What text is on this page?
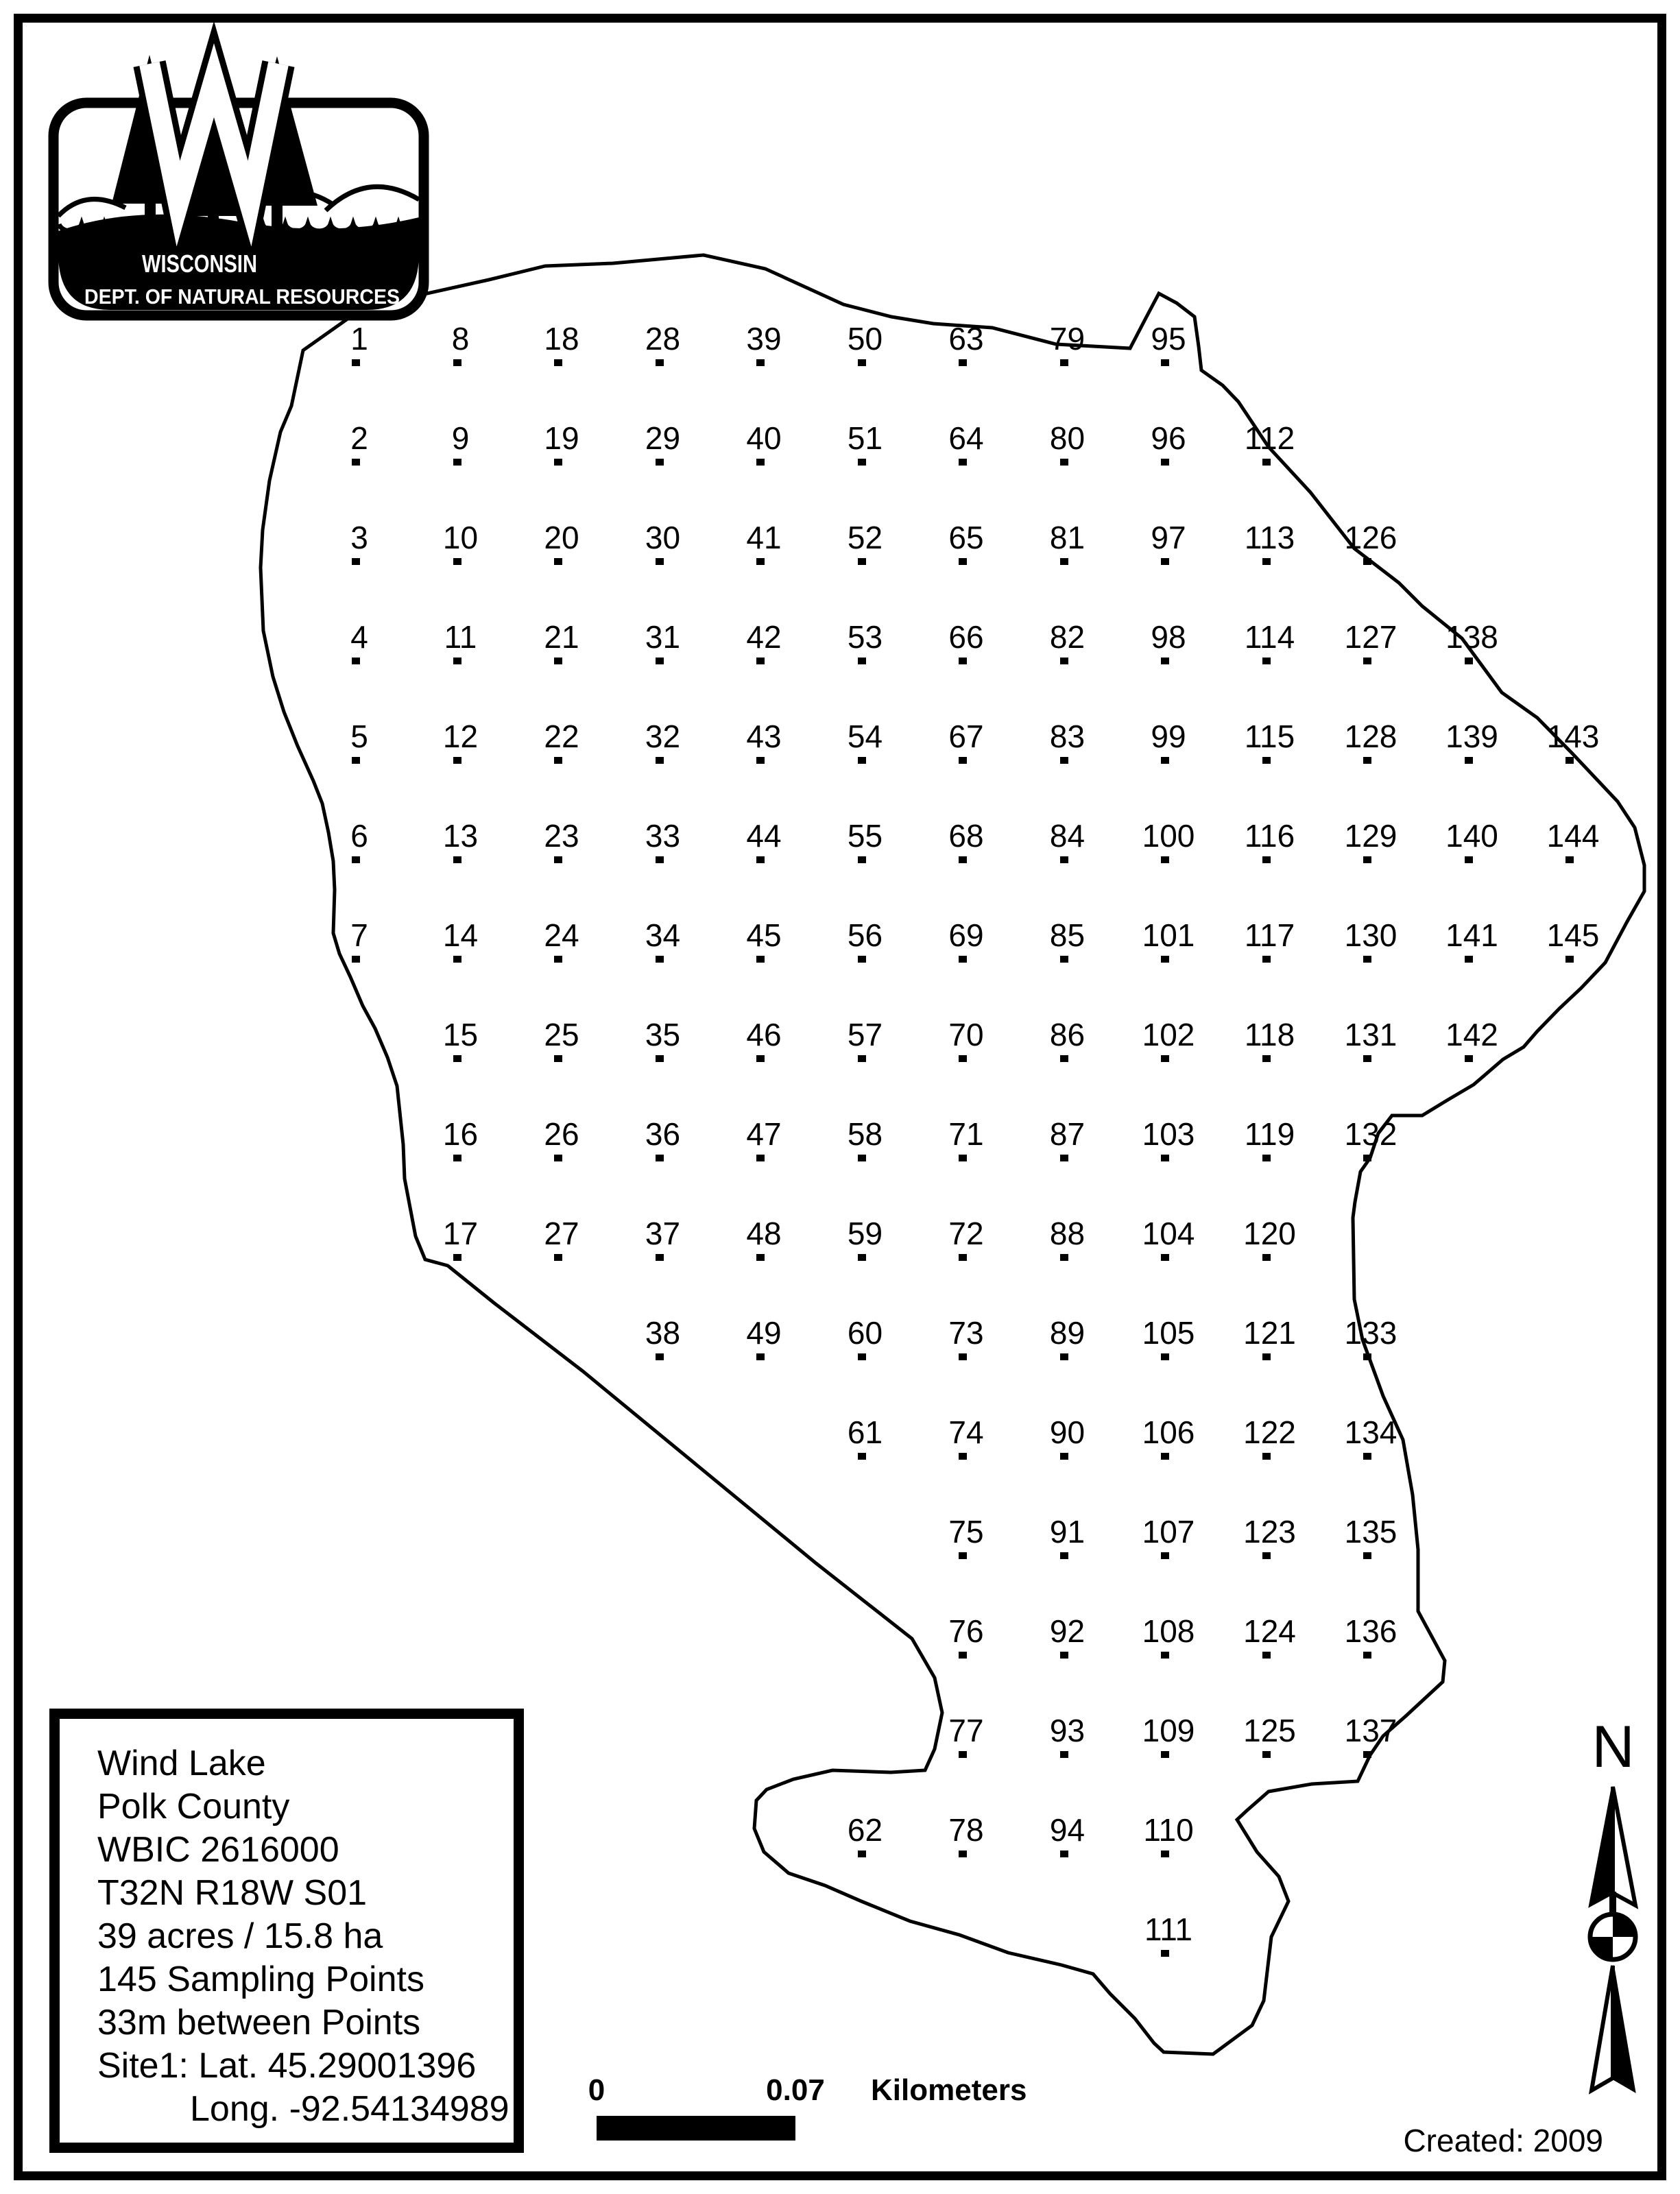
1
2
3
4
5
6
7
8
9
10
11
12
13
14
15
16
17
18
19
20
21
22
23
24
25
26
27
28
29
30
31
32
33
34
35
36
37
38
39
40
41
42
43
44
45
46
47
48
49
50
51
52
53
54
55
56
57
58
59
60
61
62
63
64
65
66
67
68
69
70
71
72
73
74
75
76
77
78
79
80
81
82
83
84
85
86
87
88
89
90
91
92
93
94
95
96
97
98
99
100
101
102
103
104
105
106
107
108
109
110
111
112
113
114
115
116
117
118
119
120
121
122
123
124
125
126
127
128
129
130
131
132
133
134
135
136
137
138
139
140
141
142
143
144
145
WISCONSIN
DEPT. OF NATURAL RESOURCES
Wind Lake
Polk County
WBIC 2616000
T32N R18W S01
39 acres / 15.8 ha
145 Sampling Points
33m between Points
Site1: Lat. 45.29001396
Long. -92.54134989	0	0.07 Kilometers
N
Created: 2009
